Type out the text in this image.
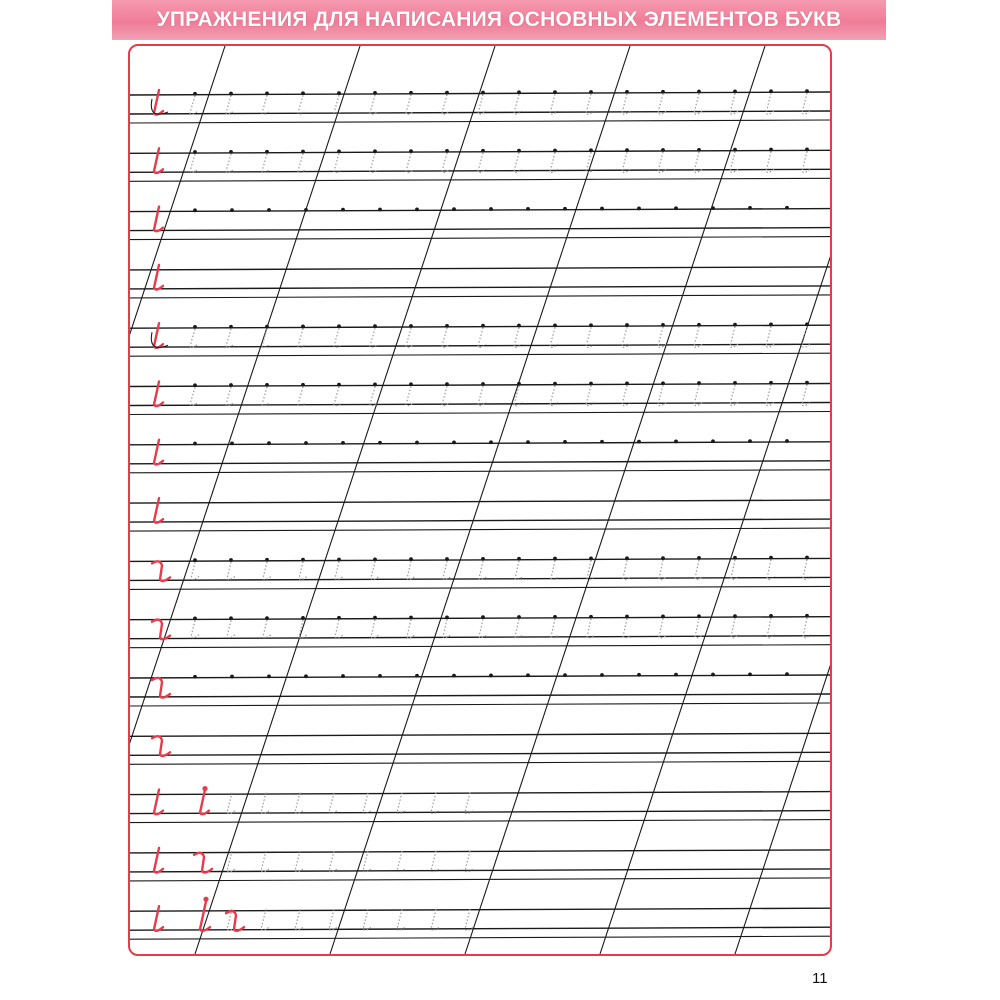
УПРАЖНЕНИЯ ДЛЯ НАПИСАНИЯ ОСНОВНЫХ ЭЛЕМЕНТОВ БУКВ
11
